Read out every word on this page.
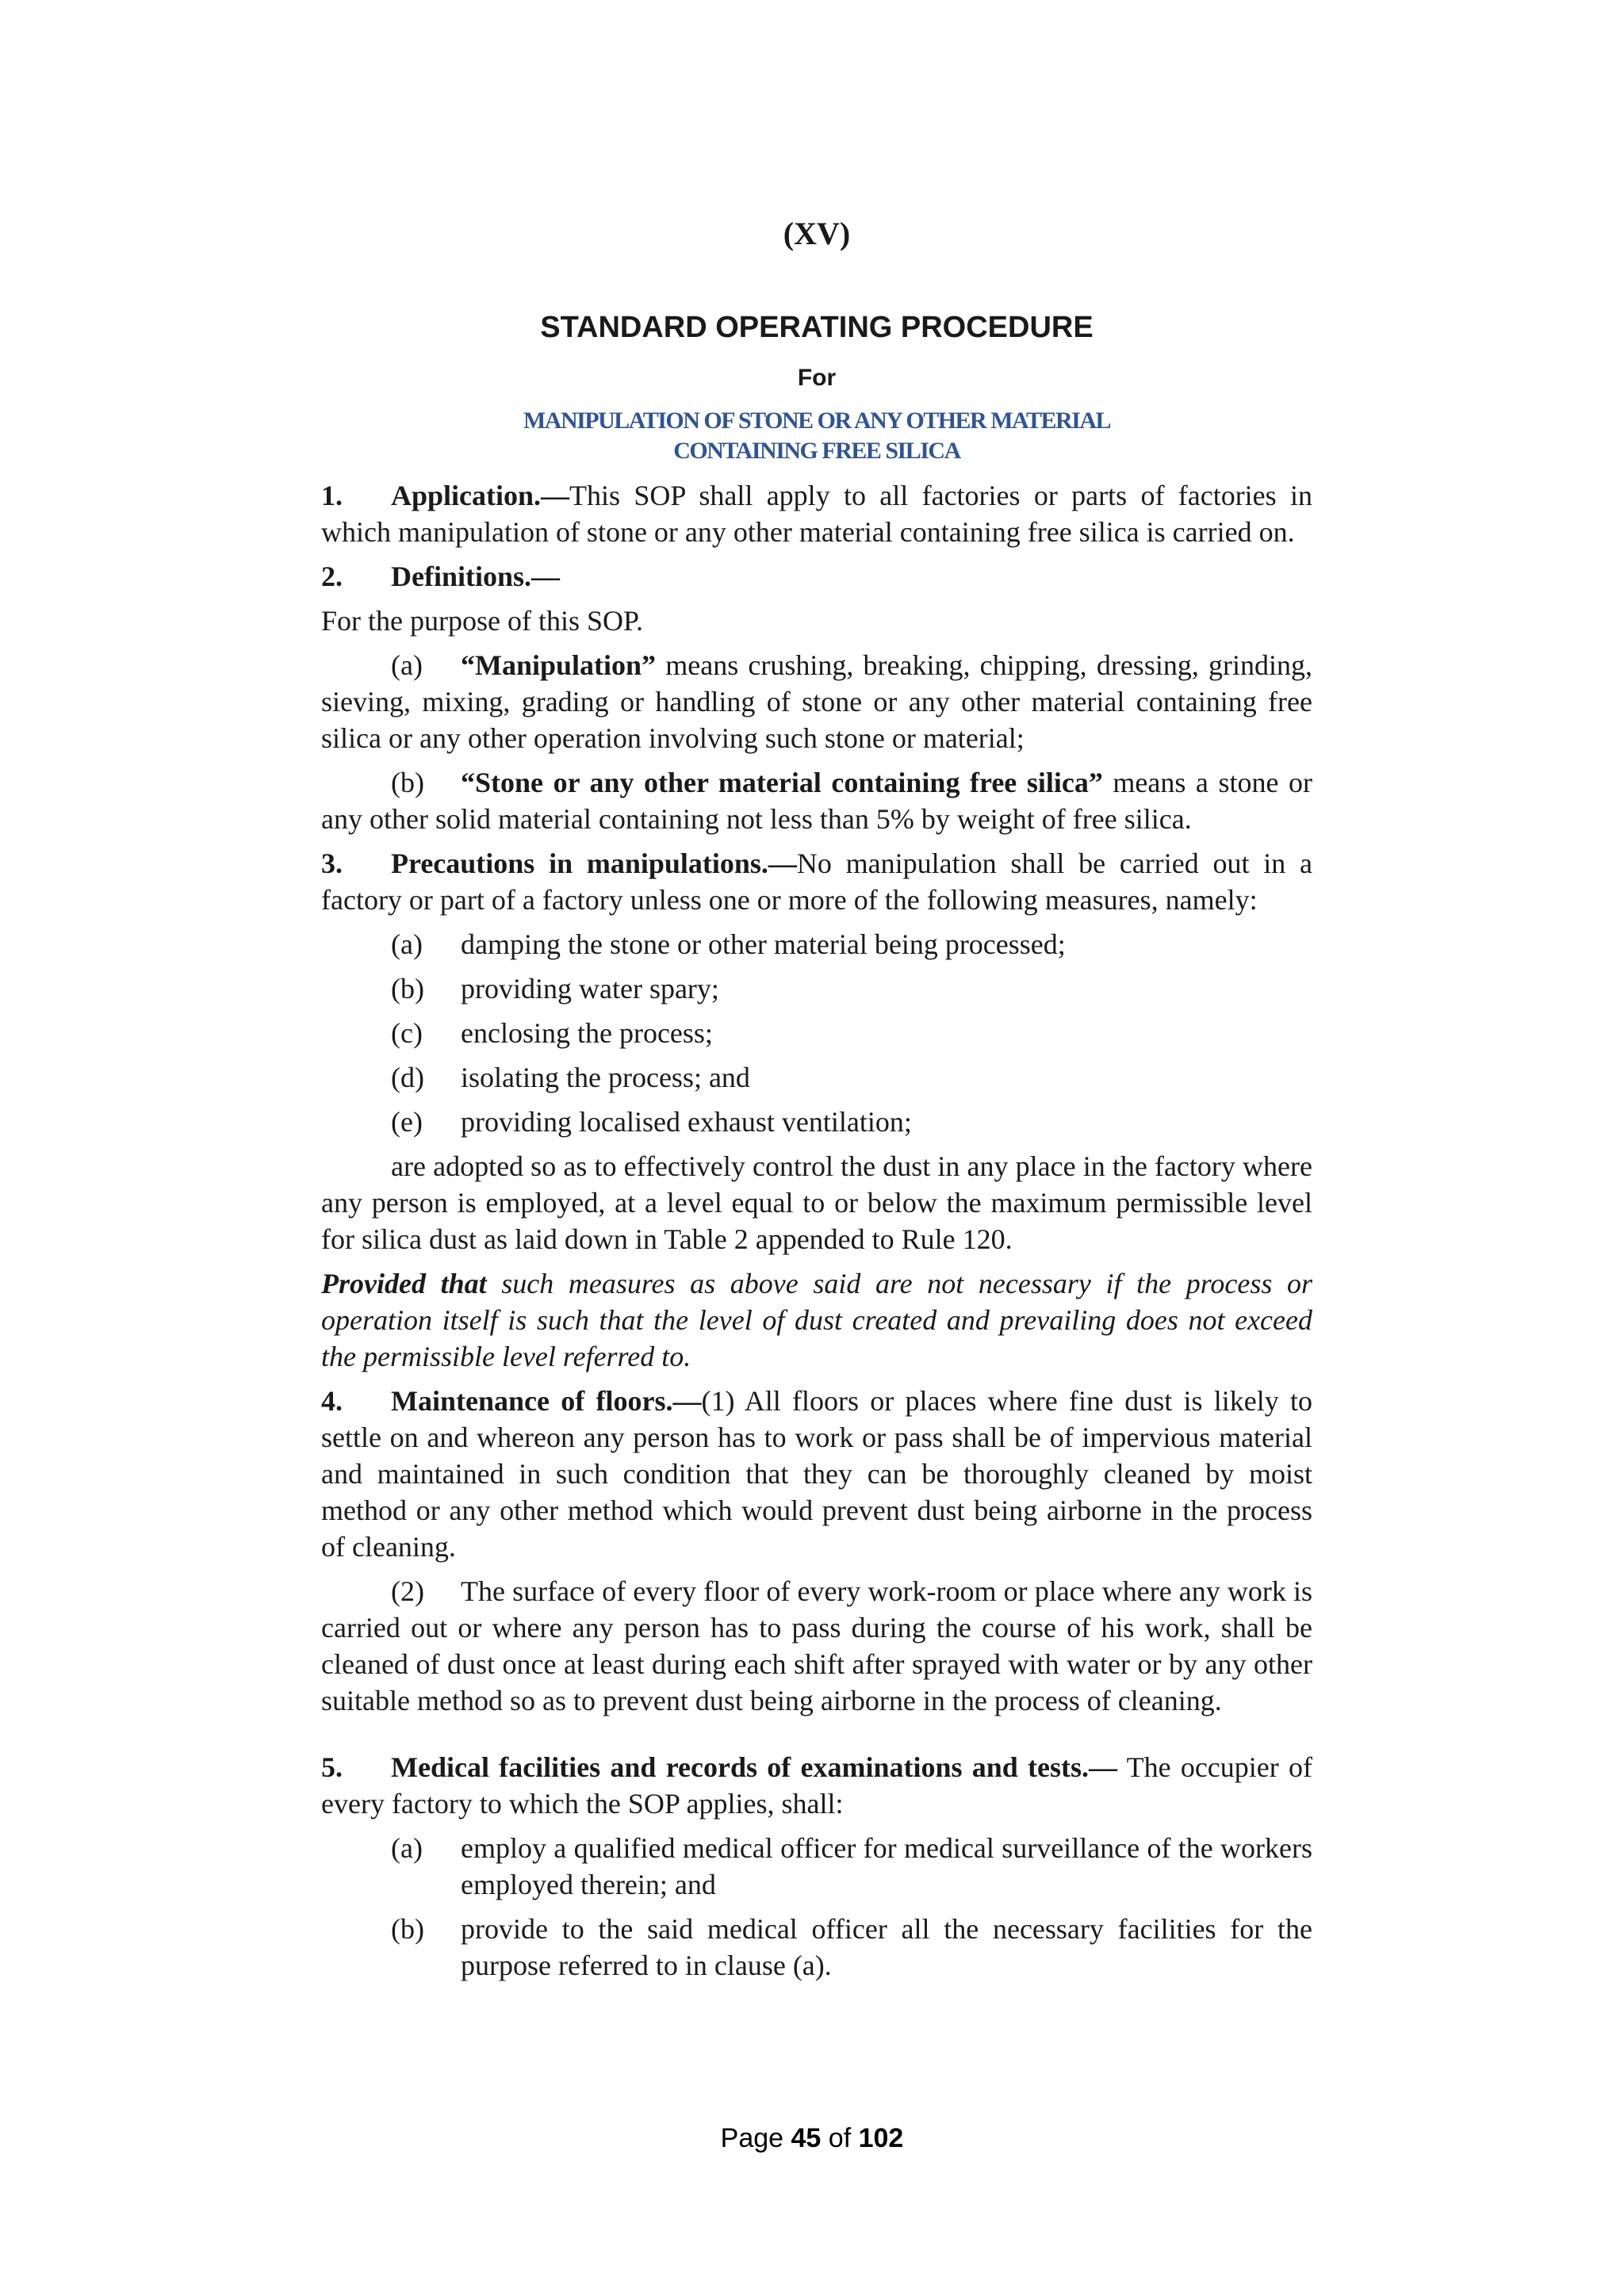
(XV)
STANDARD OPERATING PROCEDURE
For
MANIPULATION OF STONE OR ANY OTHER MATERIAL
CONTAINING FREE SILICA

1. Application.—This SOP shall apply to all factories or parts of factories in which manipulation of stone or any other material containing free silica is carried on.

2. Definitions.—

For the purpose of this SOP.

(a) “Manipulation” means crushing, breaking, chipping, dressing, grinding, sieving, mixing, grading or handling of stone or any other material containing free silica or any other operation involving such stone or material;

(b) “Stone or any other material containing free silica” means a stone or any other solid material containing not less than 5% by weight of free silica.

3. Precautions in manipulations.—No manipulation shall be carried out in a factory or part of a factory unless one or more of the following measures, namely:

(a)	damping the stone or other material being processed;
(b)	providing water spary;
(c)	enclosing the process;
(d)	isolating the process; and
(e)	providing localised exhaust ventilation;

are adopted so as to effectively control the dust in any place in the factory where any person is employed, at a level equal to or below the maximum permissible level for silica dust as laid down in Table 2 appended to Rule 120.

Provided that such measures as above said are not necessary if the process or operation itself is such that the level of dust created and prevailing does not exceed the permissible level referred to.

4. Maintenance of floors.—(1) All floors or places where fine dust is likely to settle on and whereon any person has to work or pass shall be of impervious material and maintained in such condition that they can be thoroughly cleaned by moist method or any other method which would prevent dust being airborne in the process of cleaning.

(2) The surface of every floor of every work-room or place where any work is carried out or where any person has to pass during the course of his work, shall be cleaned of dust once at least during each shift after sprayed with water or by any other suitable method so as to prevent dust being airborne in the process of cleaning.

5. Medical facilities and records of examinations and tests.— The occupier of every factory to which the SOP applies, shall:

(a)	employ a qualified medical officer for medical surveillance of the workers employed therein; and
(b)	provide to the said medical officer all the necessary facilities for the purpose referred to in clause (a).
Page 45 of 102
